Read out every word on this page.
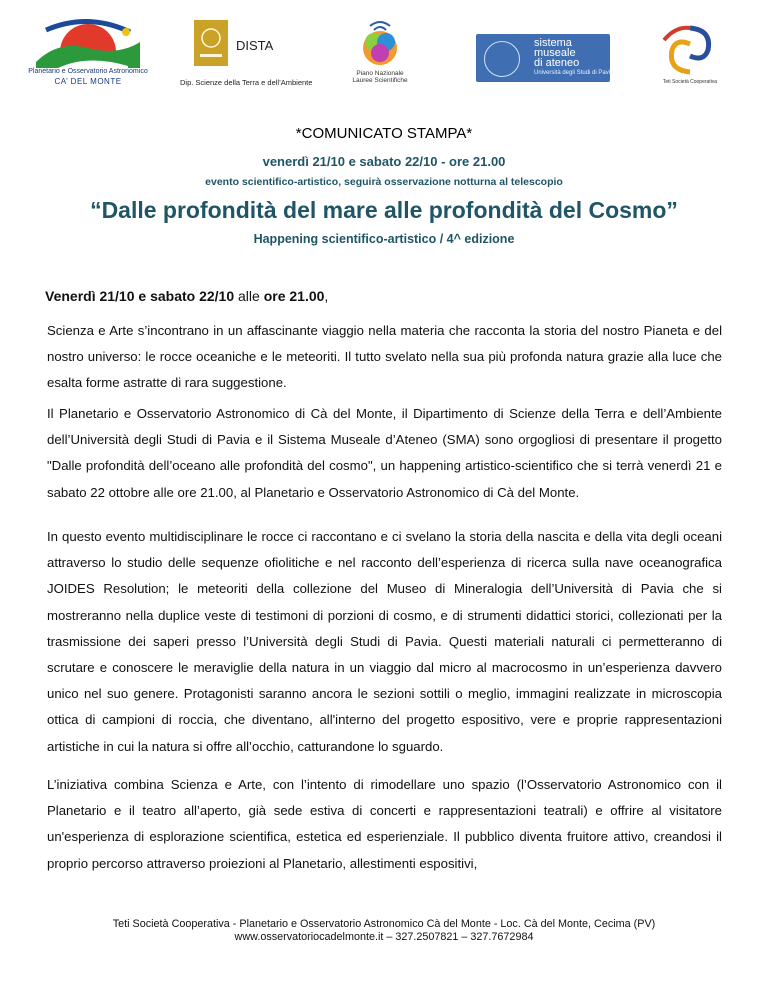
Planetario e Osservatorio Astronomico
CA’ DEL MONTE
DISTA
Dip. Scienze della Terra e dell’Ambiente
Piano Nazionale
Lauree Scientifiche
sistema
museale
di ateneo
Università degli Studi di Pavia
Teti Società Cooperativa
*COMUNICATO STAMPA*
venerdì 21/10 e sabato 22/10 - ore 21.00
evento scientifico-artistico, seguirà osservazione notturna al telescopio
“Dalle profondità del mare alle profondità del Cosmo”
Happening scientifico-artistico / 4^ edizione
Venerdì 21/10 e sabato 22/10 alle ore 21.00,

Scienza e Arte s’incontrano in un affascinante viaggio nella materia che racconta la storia del nostro Pianeta e del nostro universo: le rocce oceaniche e le meteoriti. Il tutto svelato nella sua più profonda natura grazie alla luce che esalta forme astratte di rara suggestione.

Il Planetario e Osservatorio Astronomico di Cà del Monte, il Dipartimento di Scienze della Terra e dell’Ambiente dell’Università degli Studi di Pavia e il Sistema Museale d’Ateneo (SMA) sono orgogliosi di presentare il progetto "Dalle profondità dell’oceano alle profondità del cosmo", un happening artistico-scientifico che si terrà venerdì 21 e sabato 22 ottobre alle ore 21.00, al Planetario e Osservatorio Astronomico di Cà del Monte.

In questo evento multidisciplinare le rocce ci raccontano e ci svelano la storia della nascita e della vita degli oceani attraverso lo studio delle sequenze ofiolitiche e nel racconto dell’esperienza di ricerca sulla nave oceanografica JOIDES Resolution; le meteoriti della collezione del Museo di Mineralogia dell’Università di Pavia che si mostreranno nella duplice veste di testimoni di porzioni di cosmo, e di strumenti didattici storici, collezionati per la trasmissione dei saperi presso l’Università degli Studi di Pavia. Questi materiali naturali ci permetteranno di scrutare e conoscere le meraviglie della natura in un viaggio dal micro al macrocosmo in un’esperienza davvero unico nel suo genere. Protagonisti saranno ancora le sezioni sottili o meglio, immagini realizzate in microscopia ottica di campioni di roccia, che diventano, all'interno del progetto espositivo, vere e proprie rappresentazioni artistiche in cui la natura si offre all’occhio, catturandone lo sguardo.

L’iniziativa combina Scienza e Arte, con l’intento di rimodellare uno spazio (l’Osservatorio Astronomico con il Planetario e il teatro all’aperto, già sede estiva di concerti e rappresentazioni teatrali) e offrire al visitatore un'esperienza di esplorazione scientifica, estetica ed esperienziale. Il pubblico diventa fruitore attivo, creandosi il proprio percorso attraverso proiezioni al Planetario, allestimenti espositivi,

Teti Società Cooperativa - Planetario e Osservatorio Astronomico Cà del Monte - Loc. Cà del Monte, Cecima (PV)
www.osservatoriocadelmonte.it – 327.2507821 – 327.7672984
